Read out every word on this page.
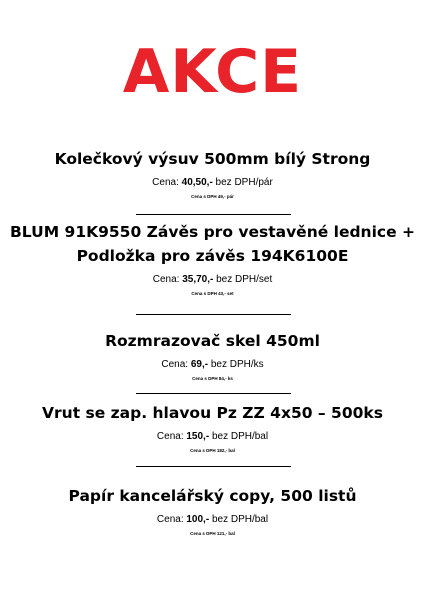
AKCE
Kolečkový výsuv 500mm bílý Strong
Cena: 40,50,- bez DPH/pár
Cena s DPH 49,- pár
BLUM 91K9550 Závěs pro vestavěné lednice +
Podložka pro závěs 194K6100E
Cena: 35,70,- bez DPH/set
Cena s DPH 43,- set
Rozmrazovač skel 450ml
Cena: 69,- bez DPH/ks
Cena s DPH 84,- ks
Vrut se zap. hlavou Pz ZZ 4x50 – 500ks
Cena: 150,- bez DPH/bal
Cena s DPH 182,- bal
Papír kancelářský copy, 500 listů
Cena: 100,- bez DPH/bal
Cena s DPH 121,- bal
